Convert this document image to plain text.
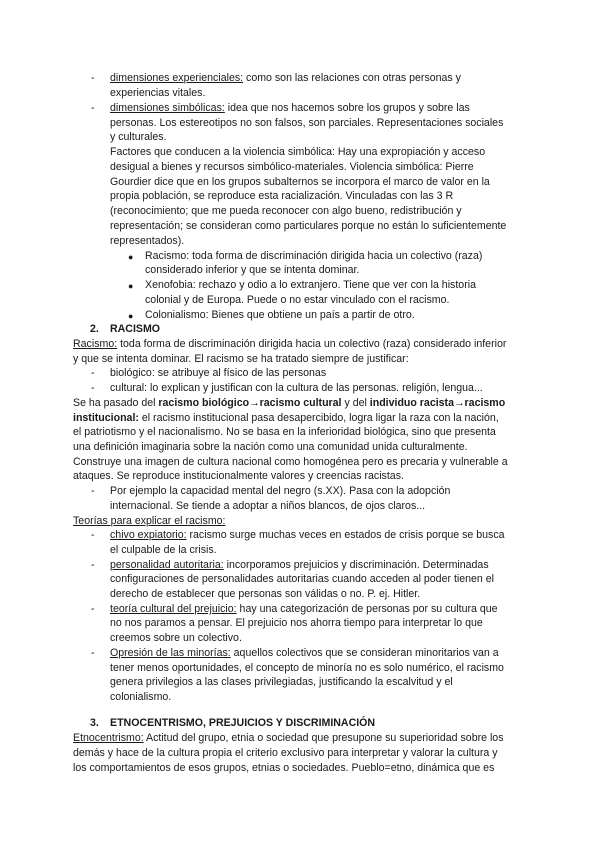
- dimensiones experienciales: como son las relaciones con otras personas y
experiencias vitales.
- dimensiones simbólicas: idea que nos hacemos sobre los grupos y sobre las
personas. Los estereotipos no son falsos, son parciales. Representaciones sociales
y culturales.
Factores que conducen a la violencia simbólica: Hay una expropiación y acceso
desigual a bienes y recursos simbólico-materiales. Violencia simbólica: Pierre
Gourdier dice que en los grupos subalternos se incorpora el marco de valor en la
propia población, se reproduce esta racialización. Vinculadas con las 3 R
(reconocimiento; que me pueda reconocer con algo bueno, redistribución y
representación; se consideran como particulares porque no están lo suficientemente
representados).
● Racismo: toda forma de discriminación dirigida hacia un colectivo (raza)
considerado inferior y que se intenta dominar.
● Xenofobia: rechazo y odio a lo extranjero. Tiene que ver con la historia
colonial y de Europa. Puede o no estar vinculado con el racismo.
● Colonialismo: Bienes que obtiene un país a partir de otro.
2. RACISMO
Racismo: toda forma de discriminación dirigida hacia un colectivo (raza) considerado inferior
y que se intenta dominar. El racismo se ha tratado siempre de justificar:
- biológico: se atribuye al físico de las personas
- cultural: lo explican y justifican con la cultura de las personas. religión, lengua...
Se ha pasado del racismo biológico→racismo cultural y del individuo racista→racismo
institucional: el racismo institucional pasa desapercibido, logra ligar la raza con la nación,
el patriotismo y el nacionalismo. No se basa en la inferioridad biológica, sino que presenta
una definición imaginaria sobre la nación como una comunidad unida culturalmente.
Construye una imagen de cultura nacional como homogénea pero es precaria y vulnerable a
ataques. Se reproduce institucionalmente valores y creencias racistas.
- Por ejemplo la capacidad mental del negro (s.XX). Pasa con la adopción
internacional. Se tiende a adoptar a niños blancos, de ojos claros...
Teorías para explicar el racismo:
- chivo expiatorio: racismo surge muchas veces en estados de crisis porque se busca
el culpable de la crisis.
- personalidad autoritaria: incorporamos prejuicios y discriminación. Determinadas
configuraciones de personalidades autoritarias cuando acceden al poder tienen el
derecho de establecer que personas son válidas o no. P. ej. Hitler.
- teoría cultural del prejuicio: hay una categorización de personas por su cultura que
no nos paramos a pensar. El prejuicio nos ahorra tiempo para interpretar lo que
creemos sobre un colectivo.
- Opresión de las minorías: aquellos colectivos que se consideran minoritarios van a
tener menos oportunidades, el concepto de minoría no es solo numérico, el racismo
genera privilegios a las clases privilegiadas, justificando la escalvitud y el
colonialismo.
3. ETNOCENTRISMO, PREJUICIOS Y DISCRIMINACIÓN
Etnocentrismo: Actitud del grupo, etnia o sociedad que presupone su superioridad sobre los
demás y hace de la cultura propia el criterio exclusivo para interpretar y valorar la cultura y
los comportamientos de esos grupos, etnias o sociedades. Pueblo=etno, dinámica que es
